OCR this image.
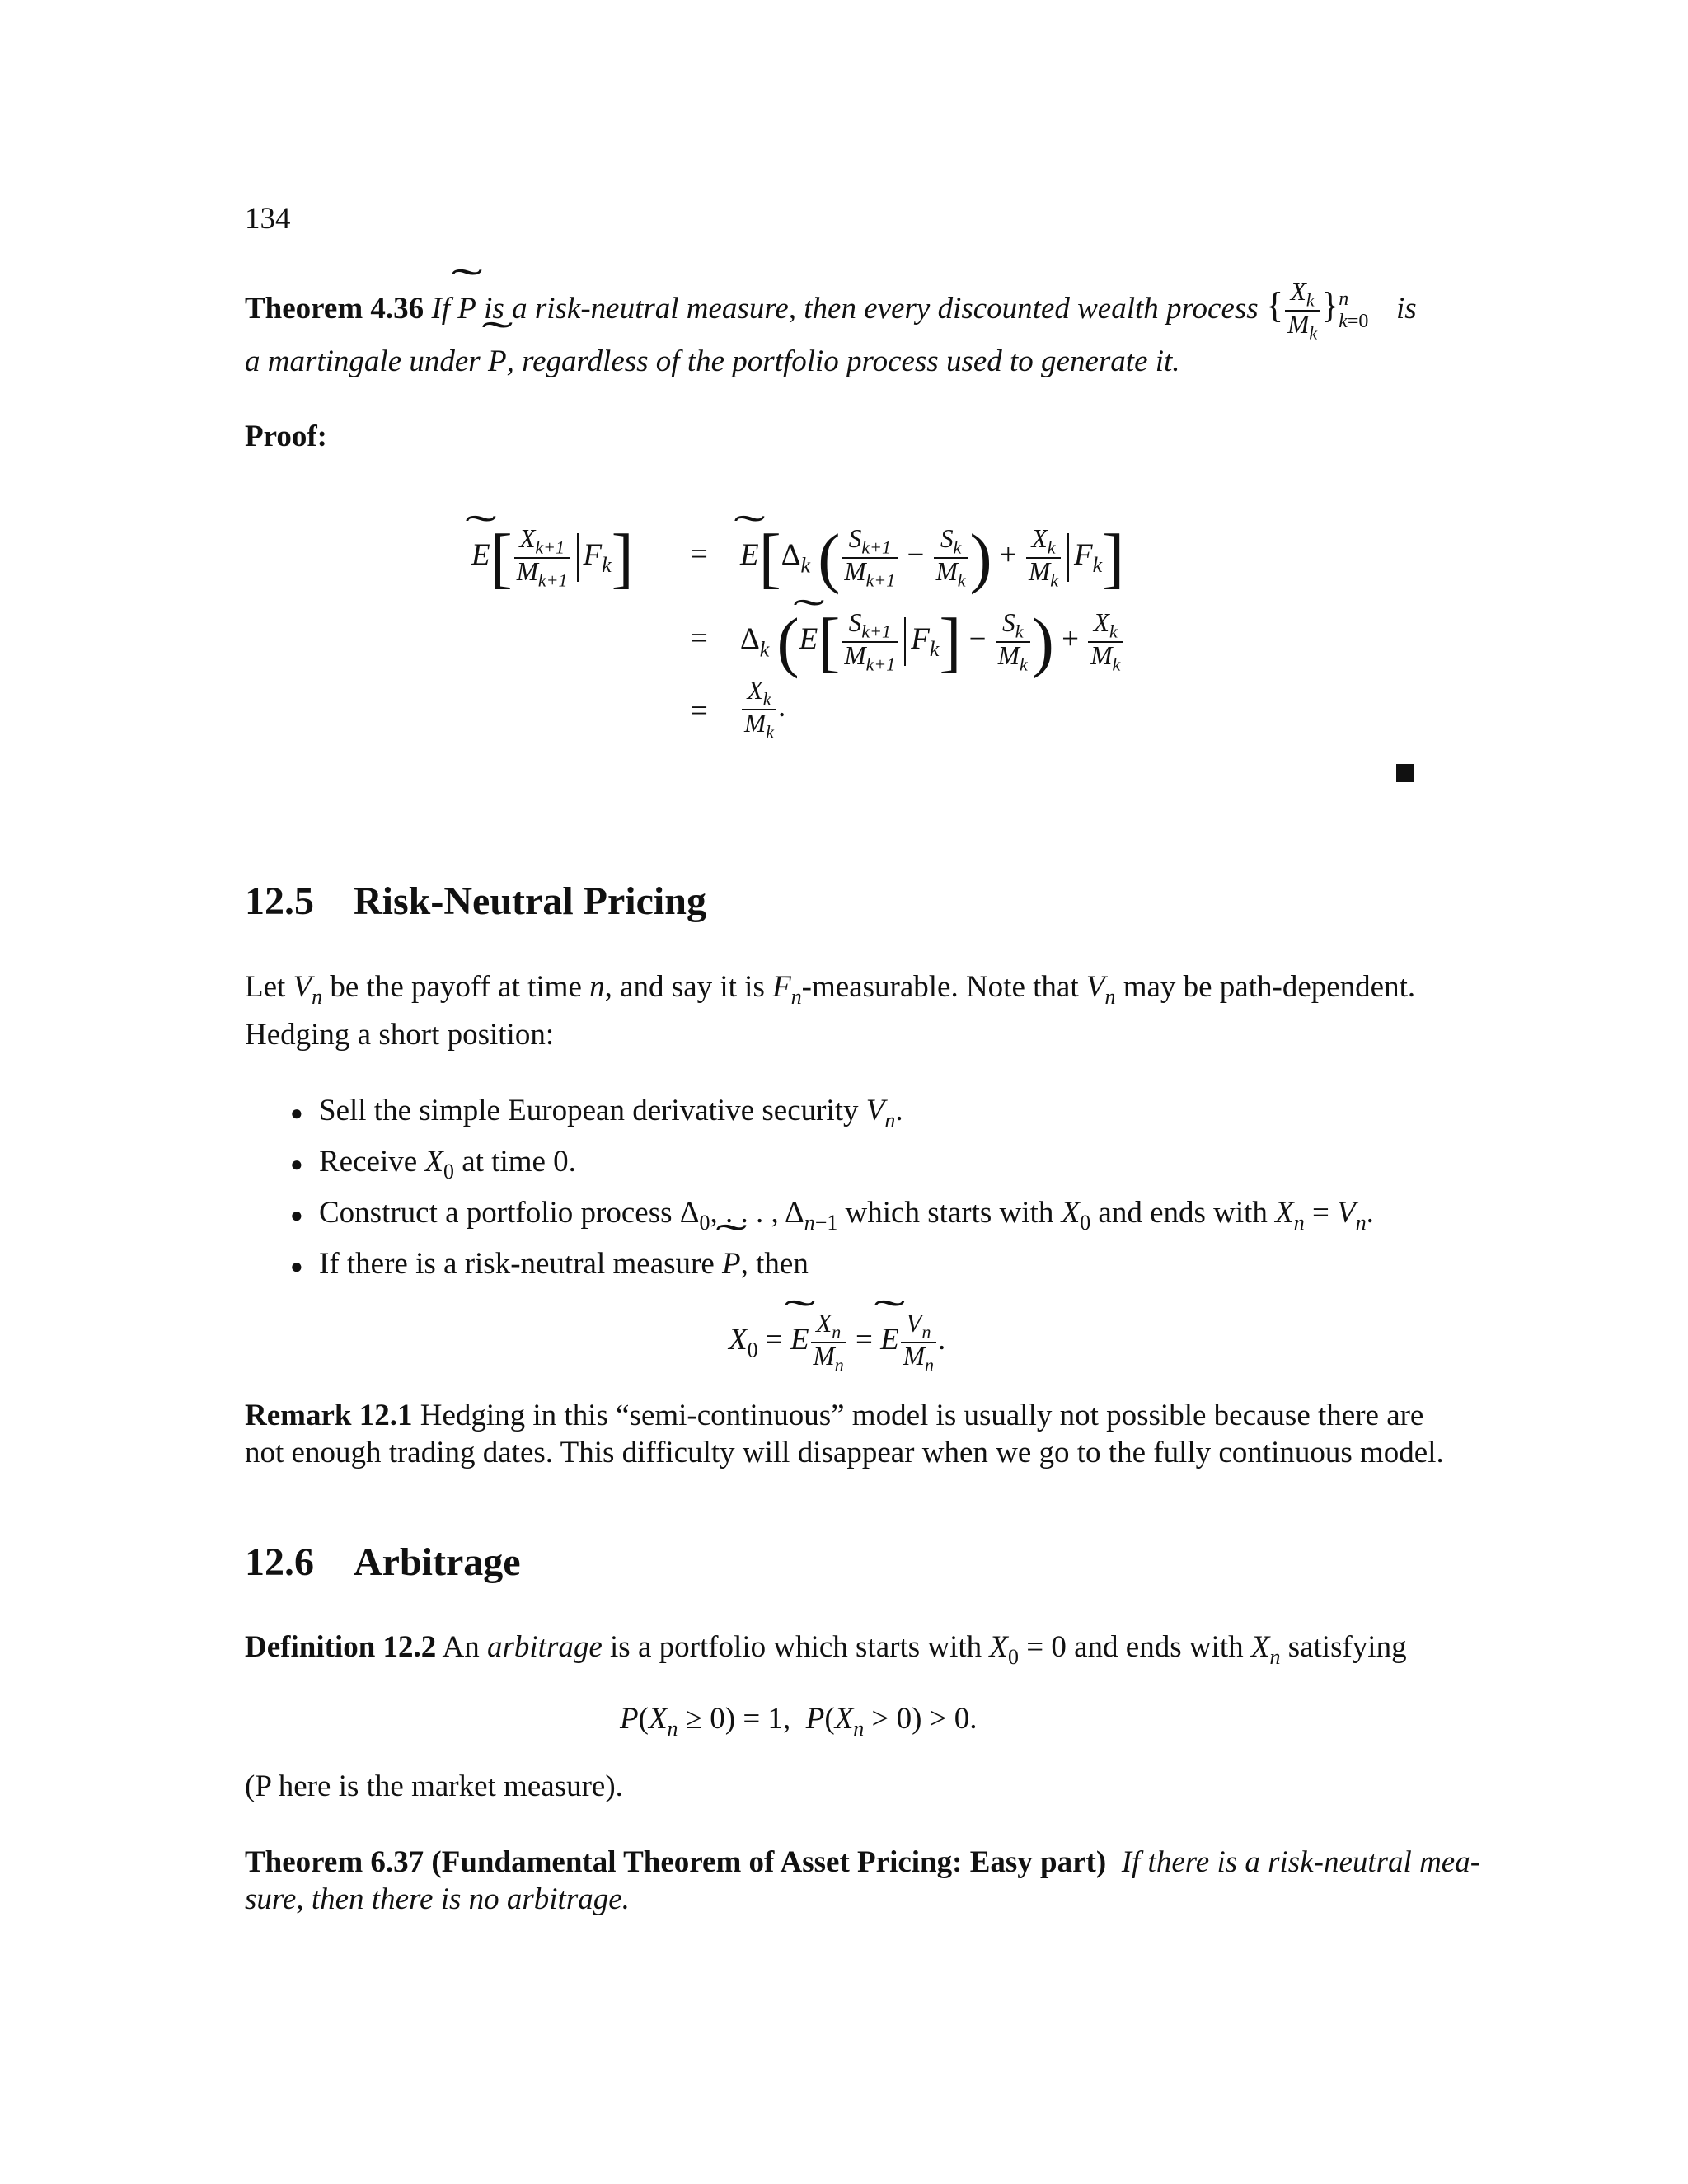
134
Theorem 4.36 If ˜ P is a risk-neutral measure, then every discounted wealth process { $\frac{X_k}{M_k}$ } n
k=0 is
a martingale under ˜ P, regardless of the portfolio process used to generate it.
Proof:
˜ $E[ \frac{X_{k+1}}{M_{k+1}} F_k]$ = ˜ $E[\Delta_k$ ( $\frac{S_{k+1}}{M_{k+1}} - \frac{S_k}{M_k}$ ) + $\frac{X_k}{M_k} F_k$]
= $\Delta_k$ (˜ $E[ \frac{S_{k+1}}{M_{k+1}} F_k] - \frac{S_k}{M_k}$ ) + $\frac{X_k}{M_k}$
= $\frac{X_k}{M_k}$ .
12.5 Risk-Neutral Pricing
Let $V_n$ be the payoff at time n, and say it is $F_n$-measurable. Note that $V_n$ may be path-dependent.
Hedging a short position:
● Sell the simple European derivative security $V_n$.
● Receive $X_0$ at time 0.
● Construct a portfolio process $\Delta_0$, . . . , $\Delta_{n-1}$ which starts with $X_0$ and ends with $X_n = V_n$.
● If there is a risk-neutral measure ˜ P, then
$X_0$ = ˜ E $\frac{X_n}{M_n}$ = ˜ E $\frac{V_n}{M_n}$ .
Remark 12.1 Hedging in this “semi-continuous” model is usually not possible because there are
not enough trading dates. This difficulty will disappear when we go to the fully continuous model.
12.6 Arbitrage
Definition 12.2 An arbitrage is a portfolio which starts with $X_0 = 0$ and ends with $X_n$ satisfying
$P(X_n \ge 0) = 1$,  $P(X_n > 0) > 0$.
(P here is the market measure).
Theorem 6.37 (Fundamental Theorem of Asset Pricing: Easy part) If there is a risk-neutral mea-
sure, then there is no arbitrage.
